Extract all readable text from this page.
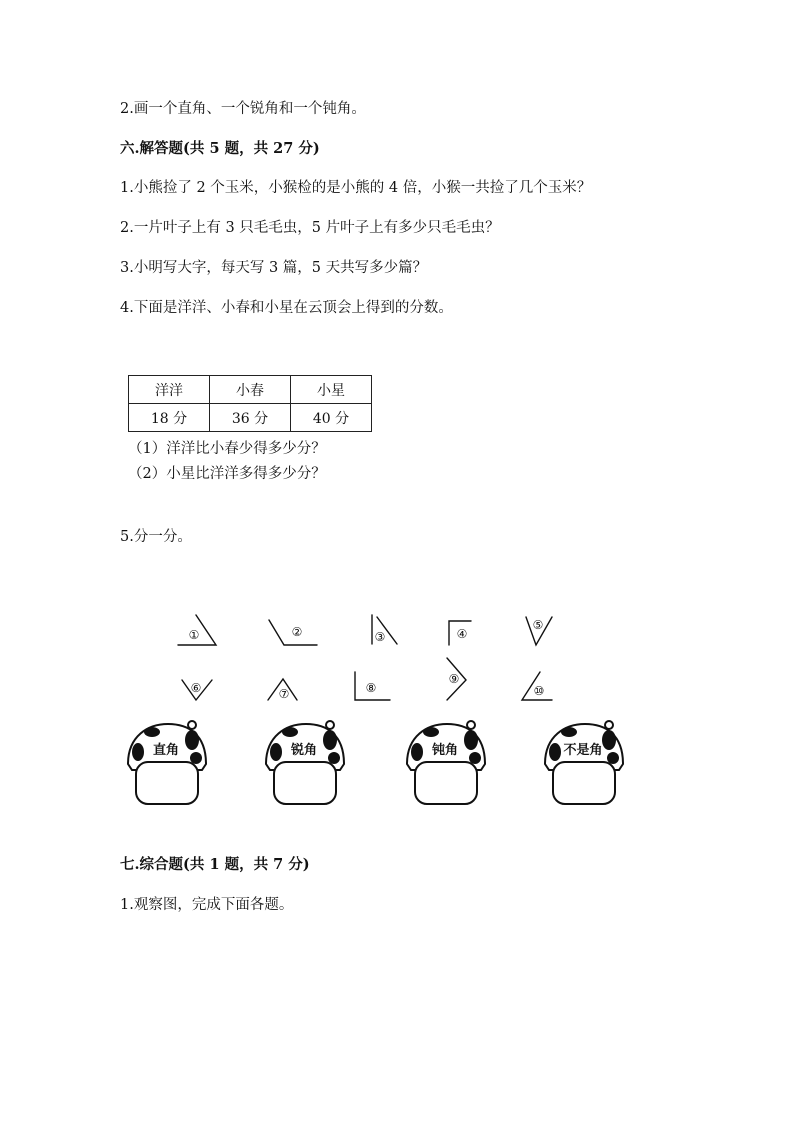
2.画一个直角、一个锐角和一个钝角。
六.解答题(共 5 题，共 27 分)
1.小熊捡了 2 个玉米，小猴检的是小熊的 4 倍，小猴一共捡了几个玉米？
2.一片叶子上有 3 只毛毛虫，5 片叶子上有多少只毛毛虫？
3.小明写大字，每天写 3 篇，5 天共写多少篇？
4.下面是洋洋、小春和小星在云顶会上得到的分数。
洋洋	小春	小星
18 分	36 分	40 分
（1）洋洋比小春少得多少分？
（2）小星比洋洋多得多少分？
5.分一分。
①	②	③	④
⑤
⑥	⑦	⑧
⑨
⑩
直角	锐角	钝角	不是角
七.综合题(共 1 题，共 7 分)
1.观察图，完成下面各题。
